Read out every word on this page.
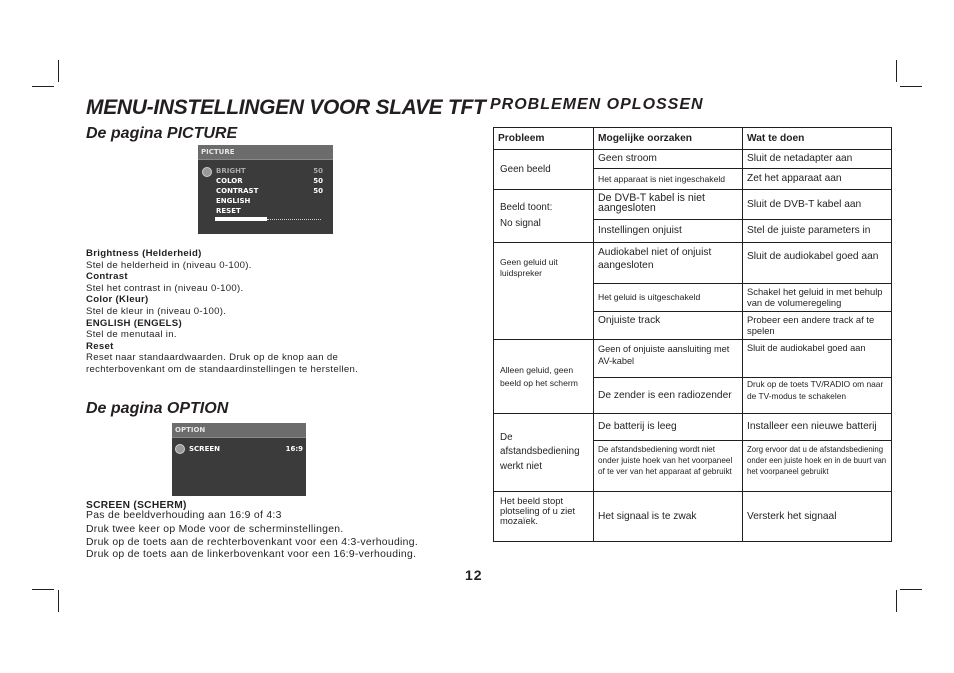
MENU-INSTELLINGEN VOOR SLAVE TFT
De pagina PICTURE
PICTURE
BRIGHT	50
COLOR	50
CONTRAST	50
ENGLISH
RESET
Brightness (Helderheid)
Stel de helderheid in (niveau 0-100).
Contrast
Stel het contrast in (niveau 0-100).
Color (Kleur)
Stel de kleur in (niveau 0-100).
ENGLISH (ENGELS)
Stel de menutaal in.
Reset
Reset naar standaardwaarden. Druk op de knop aan de
rechterbovenkant om de standaardinstellingen te herstellen.
De pagina OPTION
OPTION
SCREEN	16:9
SCREEN (SCHERM)
Pas de beeldverhouding aan 16:9 of 4:3
Druk twee keer op Mode voor de scherminstellingen.
Druk op de toets aan de rechterbovenkant voor een 4:3-verhouding.
Druk op de toets aan de linkerbovenkant voor een 16:9-verhouding.
PROBLEMEN OPLOSSEN
Probleem	Mogelijke oorzaken	Wat te doen
Geen beeld	Geen stroom	Sluit de netadapter aan
	Het apparaat is niet ingeschakeld	Zet het apparaat aan
Beeld toont:
No signal	De DVB-T kabel is niet aangesloten	Sluit de DVB-T kabel aan
	Instellingen onjuist	Stel de juiste parameters in
Geen geluid uit luidspreker	Audiokabel niet of onjuist aangesloten	Sluit de audiokabel goed aan
	Het geluid is uitgeschakeld	Schakel het geluid in met behulp van de volumeregeling
	Onjuiste track	Probeer een andere track af te spelen
Alleen geluid, geen beeld op het scherm	Geen of onjuiste aansluiting met AV-kabel	Sluit de audiokabel goed aan
	De zender is een radiozender	Druk op de toets TV/RADIO om naar de TV-modus te schakelen
De afstandsbediening werkt niet	De batterij is leeg	Installeer een nieuwe batterij
	De afstandsbediening wordt niet onder juiste hoek van het voorpaneel of te ver van het apparaat af gebruikt	Zorg ervoor dat u de afstandsbediening onder een juiste hoek en in de buurt van het voorpaneel gebruikt
Het beeld stopt plotseling of u ziet mozaïek.	Het signaal is te zwak	Versterk het signaal
12
